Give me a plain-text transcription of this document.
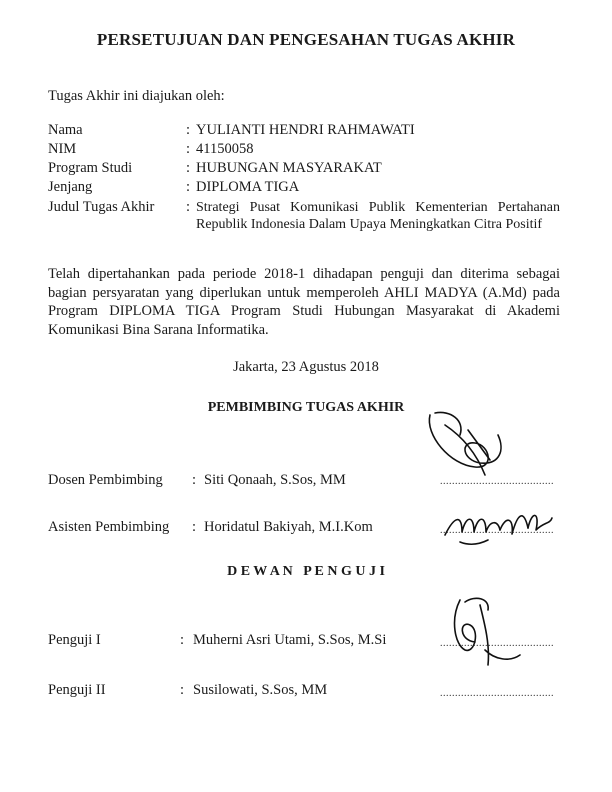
PERSETUJUAN DAN PENGESAHAN TUGAS AKHIR
Tugas Akhir ini diajukan oleh:
Nama	: YULIANTI HENDRI RAHMAWATI
NIM	: 41150058
Program Studi	: HUBUNGAN MASYARAKAT
Jenjang	: DIPLOMA TIGA
Judul Tugas Akhir : Strategi Pusat Komunikasi Publik Kementerian Pertahanan Republik Indonesia Dalam Upaya Meningkatkan Citra Positif
Telah dipertahankan pada periode 2018-1 dihadapan penguji dan diterima sebagai bagian persyaratan yang diperlukan untuk memperoleh AHLI MADYA (A.Md) pada Program DIPLOMA TIGA Program Studi Hubungan Masyarakat di Akademi Komunikasi Bina Sarana Informatika.
Jakarta, 23 Agustus 2018
PEMBIMBING TUGAS AKHIR
Dosen Pembimbing : Siti Qonaah, S.Sos, MM	......................................
Asisten Pembimbing : Horidatul Bakiyah, M.I.Kom	......................................
D E W A N   P E N G U J I
Penguji I	: Muherni Asri Utami, S.Sos, M.Si	......................................
Penguji II	: Susilowati, S.Sos, MM	......................................
